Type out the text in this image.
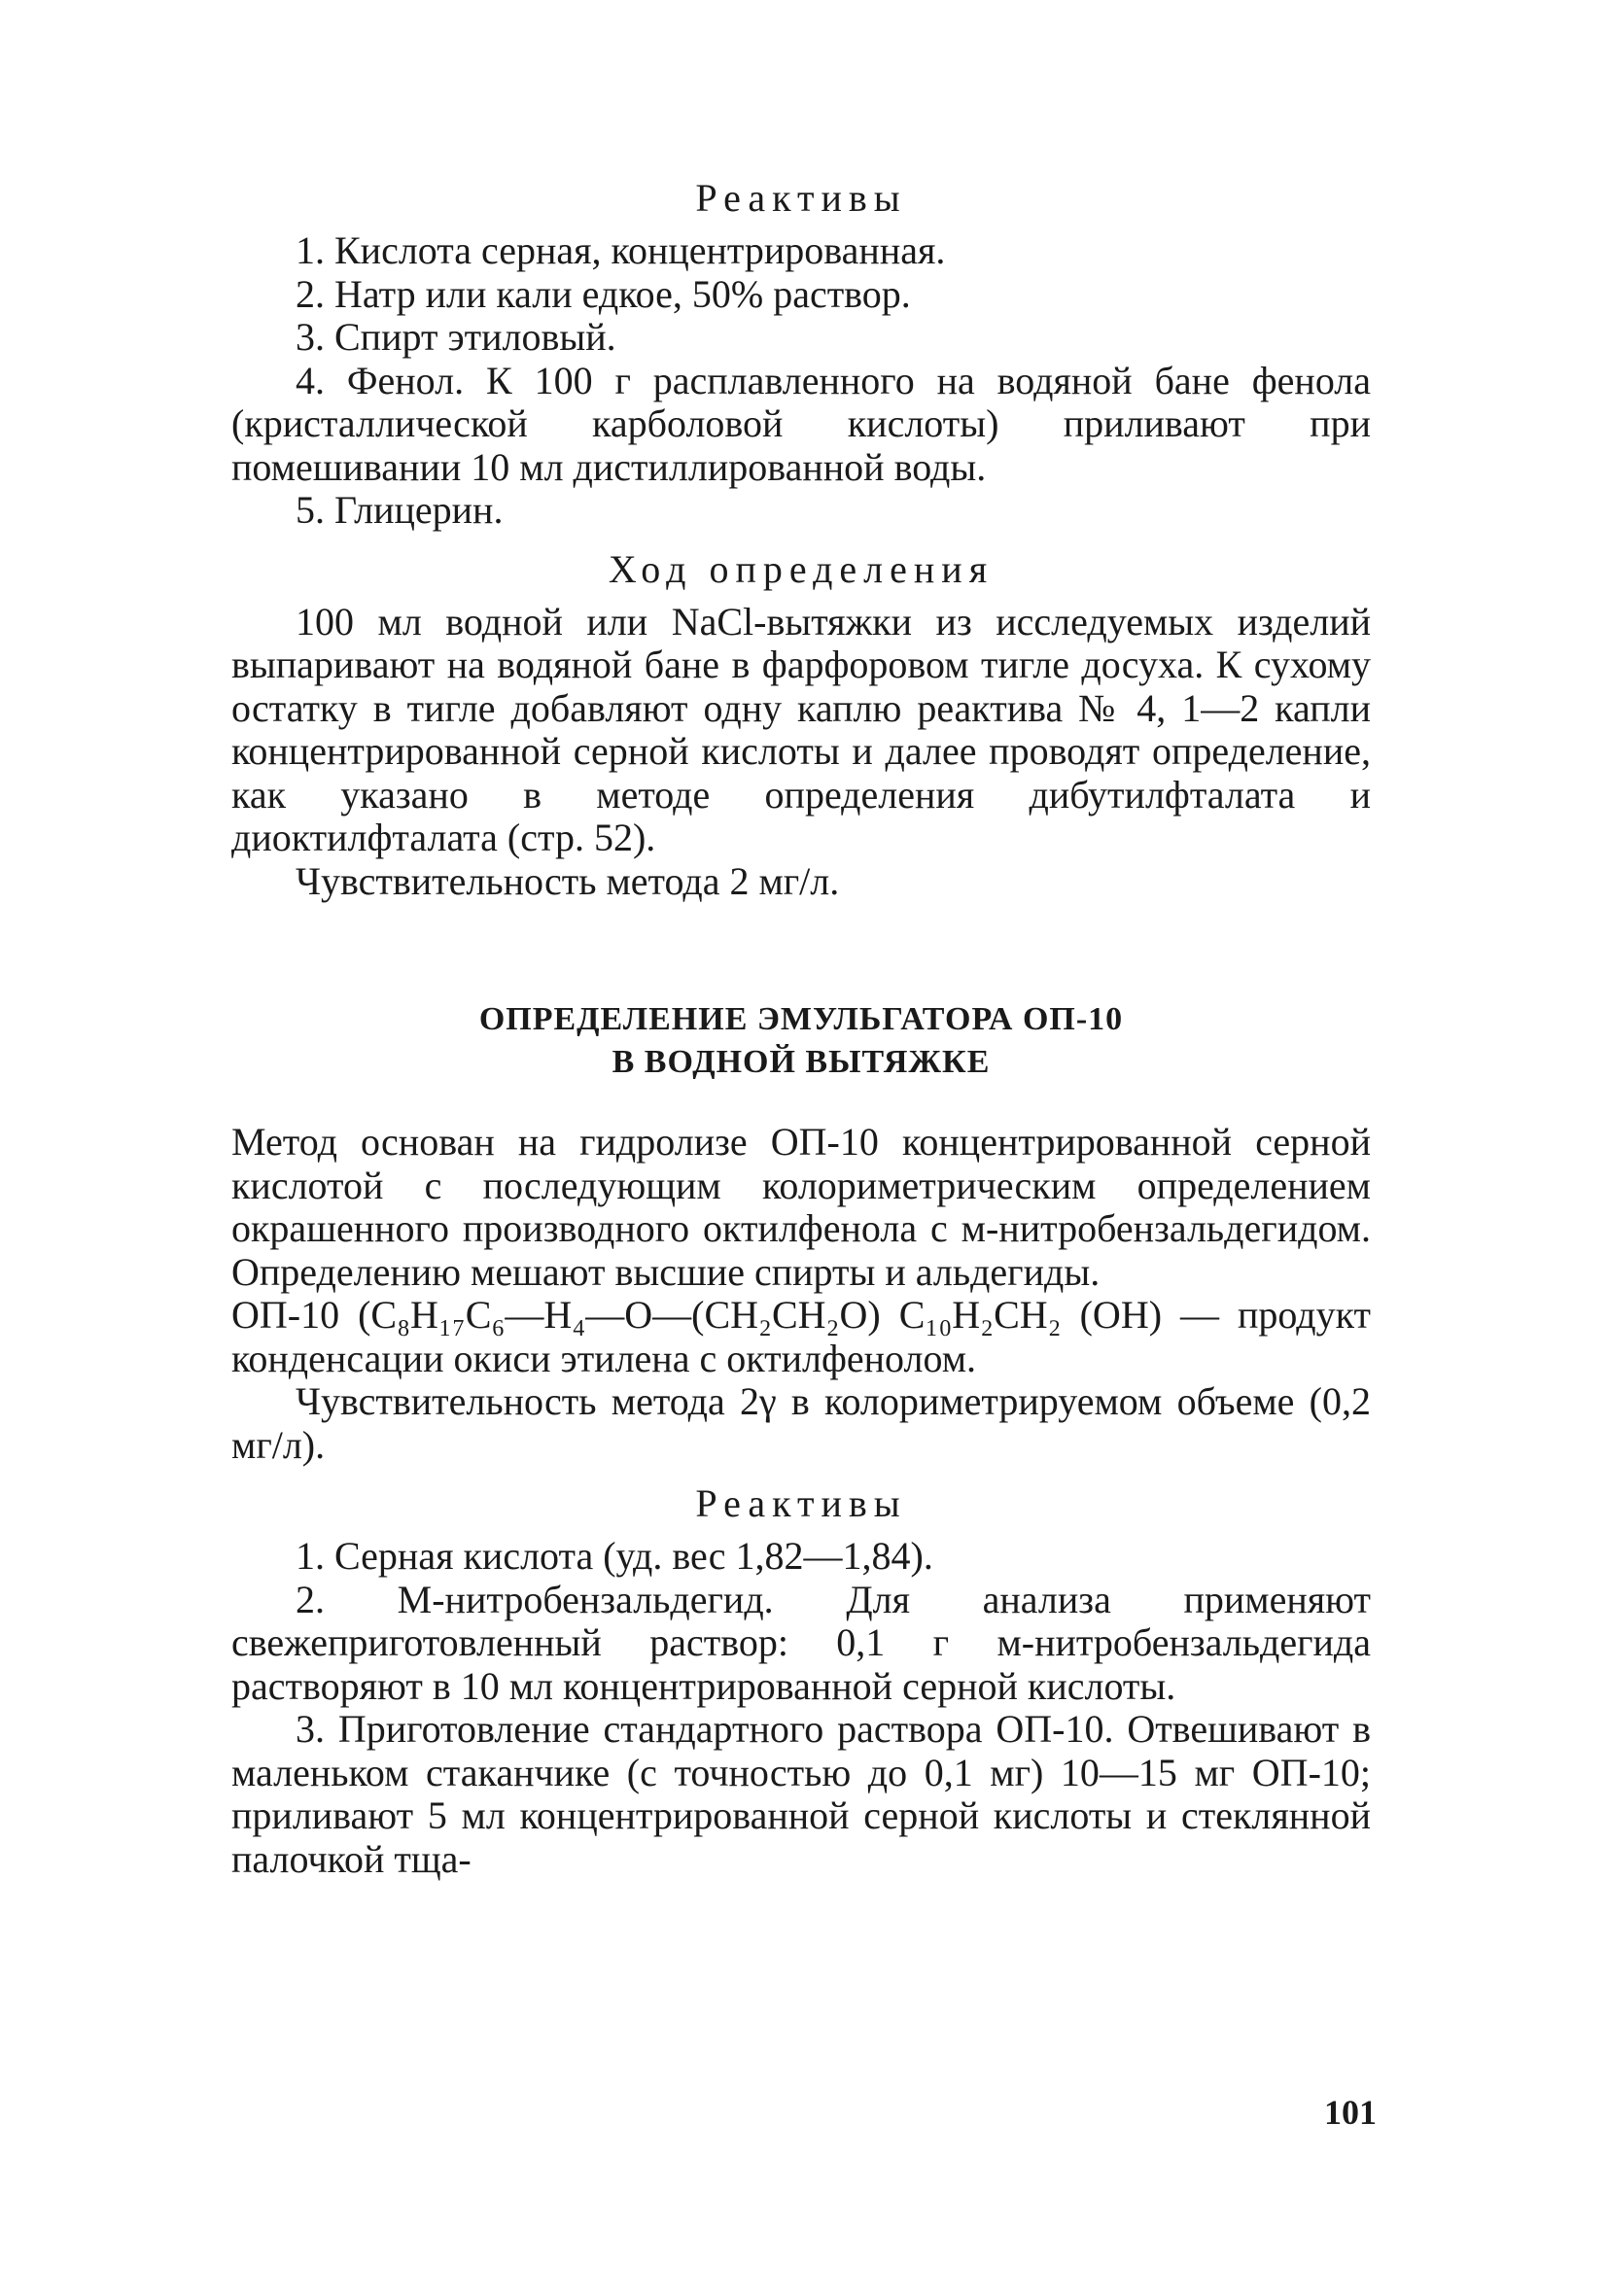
Реактивы

1. Кислота серная, концентрированная.

2. Натр или кали едкое, 50% раствор.

3. Спирт этиловый.

4. Фенол. К 100 г расплавленного на водяной бане фенола (кристаллической карболовой кислоты) приливают при помешивании 10 мл дистиллированной воды.

5. Глицерин.

Ход определения

100 мл водной или NaCl-вытяжки из исследуемых изделий выпаривают на водяной бане в фарфоровом тигле досуха. К сухому остатку в тигле добавляют одну каплю реактива № 4, 1—2 капли концентрированной серной кислоты и далее проводят определение, как указано в методе определения дибутилфталата и диоктилфталата (стр. 52).

Чувствительность метода 2 мг/л.

ОПРЕДЕЛЕНИЕ ЭМУЛЬГАТОРА ОП-10
В ВОДНОЙ ВЫТЯЖКЕ

Метод основан на гидролизе ОП-10 концентрированной серной кислотой с последующим колориметрическим определением окрашенного производного октилфенола с м-нитробензальдегидом. Определению мешают высшие спирты и альдегиды.

ОП-10 (C₈H₁₇C₆—H₄—O—(CH₂CH₂O) C₁₀H₂CH₂ (OH) — продукт конденсации окиси этилена с октилфенолом.

Чувствительность метода 2γ в колориметрируемом объеме (0,2 мг/л).

Реактивы

1. Серная кислота (уд. вес 1,82—1,84).

2. М-нитробензальдегид. Для анализа применяют свежеприготовленный раствор: 0,1 г м-нитробензальдегида растворяют в 10 мл концентрированной серной кислоты.

3. Приготовление стандартного раствора ОП-10. Отвешивают в маленьком стаканчике (с точностью до 0,1 мг) 10—15 мг ОП-10; приливают 5 мл концентрированной серной кислоты и стеклянной палочкой тща-

101
